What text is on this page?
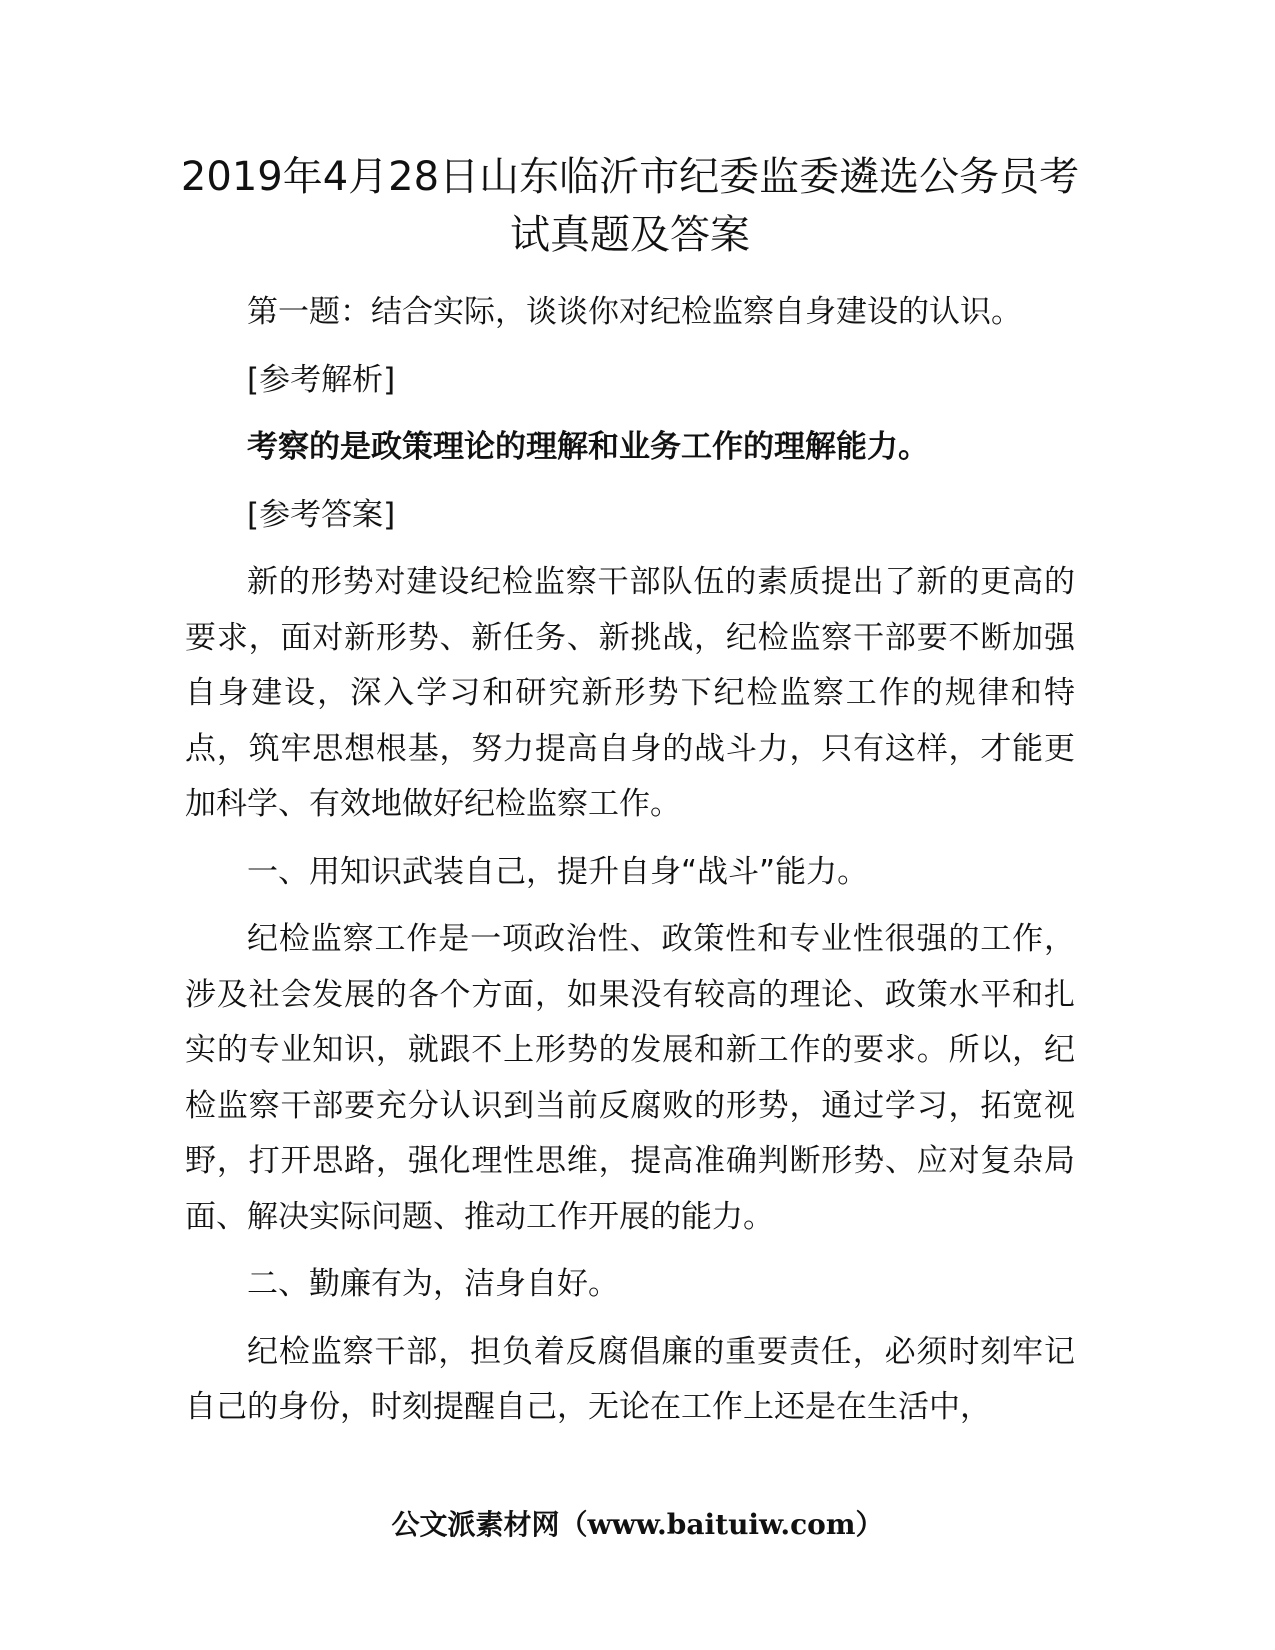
2019年4月28日山东临沂市纪委监委遴选公务员考试真题及答案

第一题：结合实际，谈谈你对纪检监察自身建设的认识。

[参考解析]

考察的是政策理论的理解和业务工作的理解能力。

[参考答案]

新的形势对建设纪检监察干部队伍的素质提出了新的更高的要求，面对新形势、新任务、新挑战，纪检监察干部要不断加强自身建设，深入学习和研究新形势下纪检监察工作的规律和特点，筑牢思想根基，努力提高自身的战斗力，只有这样，才能更加科学、有效地做好纪检监察工作。

一、用知识武装自己，提升自身“战斗”能力。

纪检监察工作是一项政治性、政策性和专业性很强的工作，涉及社会发展的各个方面，如果没有较高的理论、政策水平和扎实的专业知识，就跟不上形势的发展和新工作的要求。所以，纪检监察干部要充分认识到当前反腐败的形势，通过学习，拓宽视野，打开思路，强化理性思维，提高准确判断形势、应对复杂局面、解决实际问题、推动工作开展的能力。

二、勤廉有为，洁身自好。

纪检监察干部，担负着反腐倡廉的重要责任，必须时刻牢记自己的身份，时刻提醒自己，无论在工作上还是在生活中，

公文派素材网（www.baituiw.com）
